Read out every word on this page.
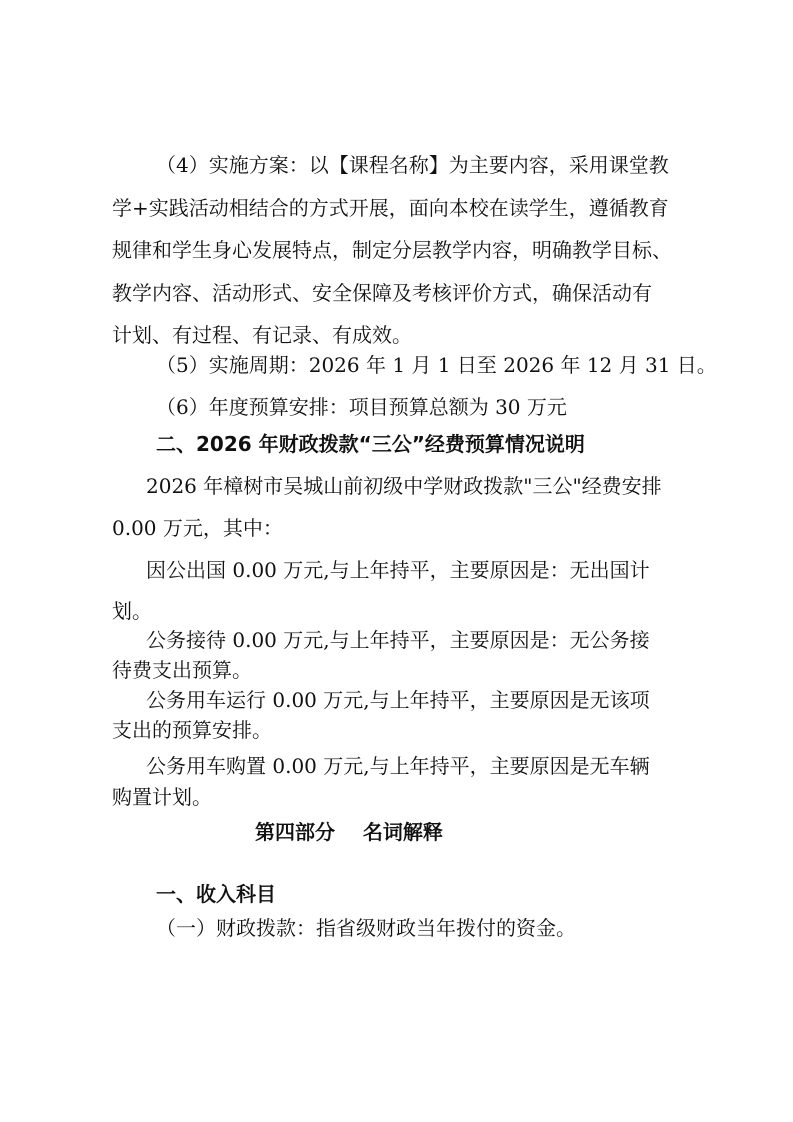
（4）实施方案：以【课程名称】为主要内容，采用课堂教
学+实践活动相结合的方式开展，面向本校在读学生，遵循教育
规律和学生身心发展特点，制定分层教学内容，明确教学目标、
教学内容、活动形式、安全保障及考核评价方式，确保活动有
计划、有过程、有记录、有成效。
（5）实施周期：2026 年 1 月 1 日至 2026 年 12 月 31 日。
（6）年度预算安排：项目预算总额为 30 万元
二、2026 年财政拨款“三公”经费预算情况说明
2026 年樟树市吴城山前初级中学财政拨款"三公"经费安排
0.00 万元，其中：
因公出国 0.00 万元,与上年持平，主要原因是：无出国计
划。
公务接待 0.00 万元,与上年持平，主要原因是：无公务接
待费支出预算。
公务用车运行 0.00 万元,与上年持平，主要原因是无该项
支出的预算安排。
公务用车购置 0.00 万元,与上年持平，主要原因是无车辆
购置计划。
第四部分    名词解释
一、收入科目
（一）财政拨款：指省级财政当年拨付的资金。
